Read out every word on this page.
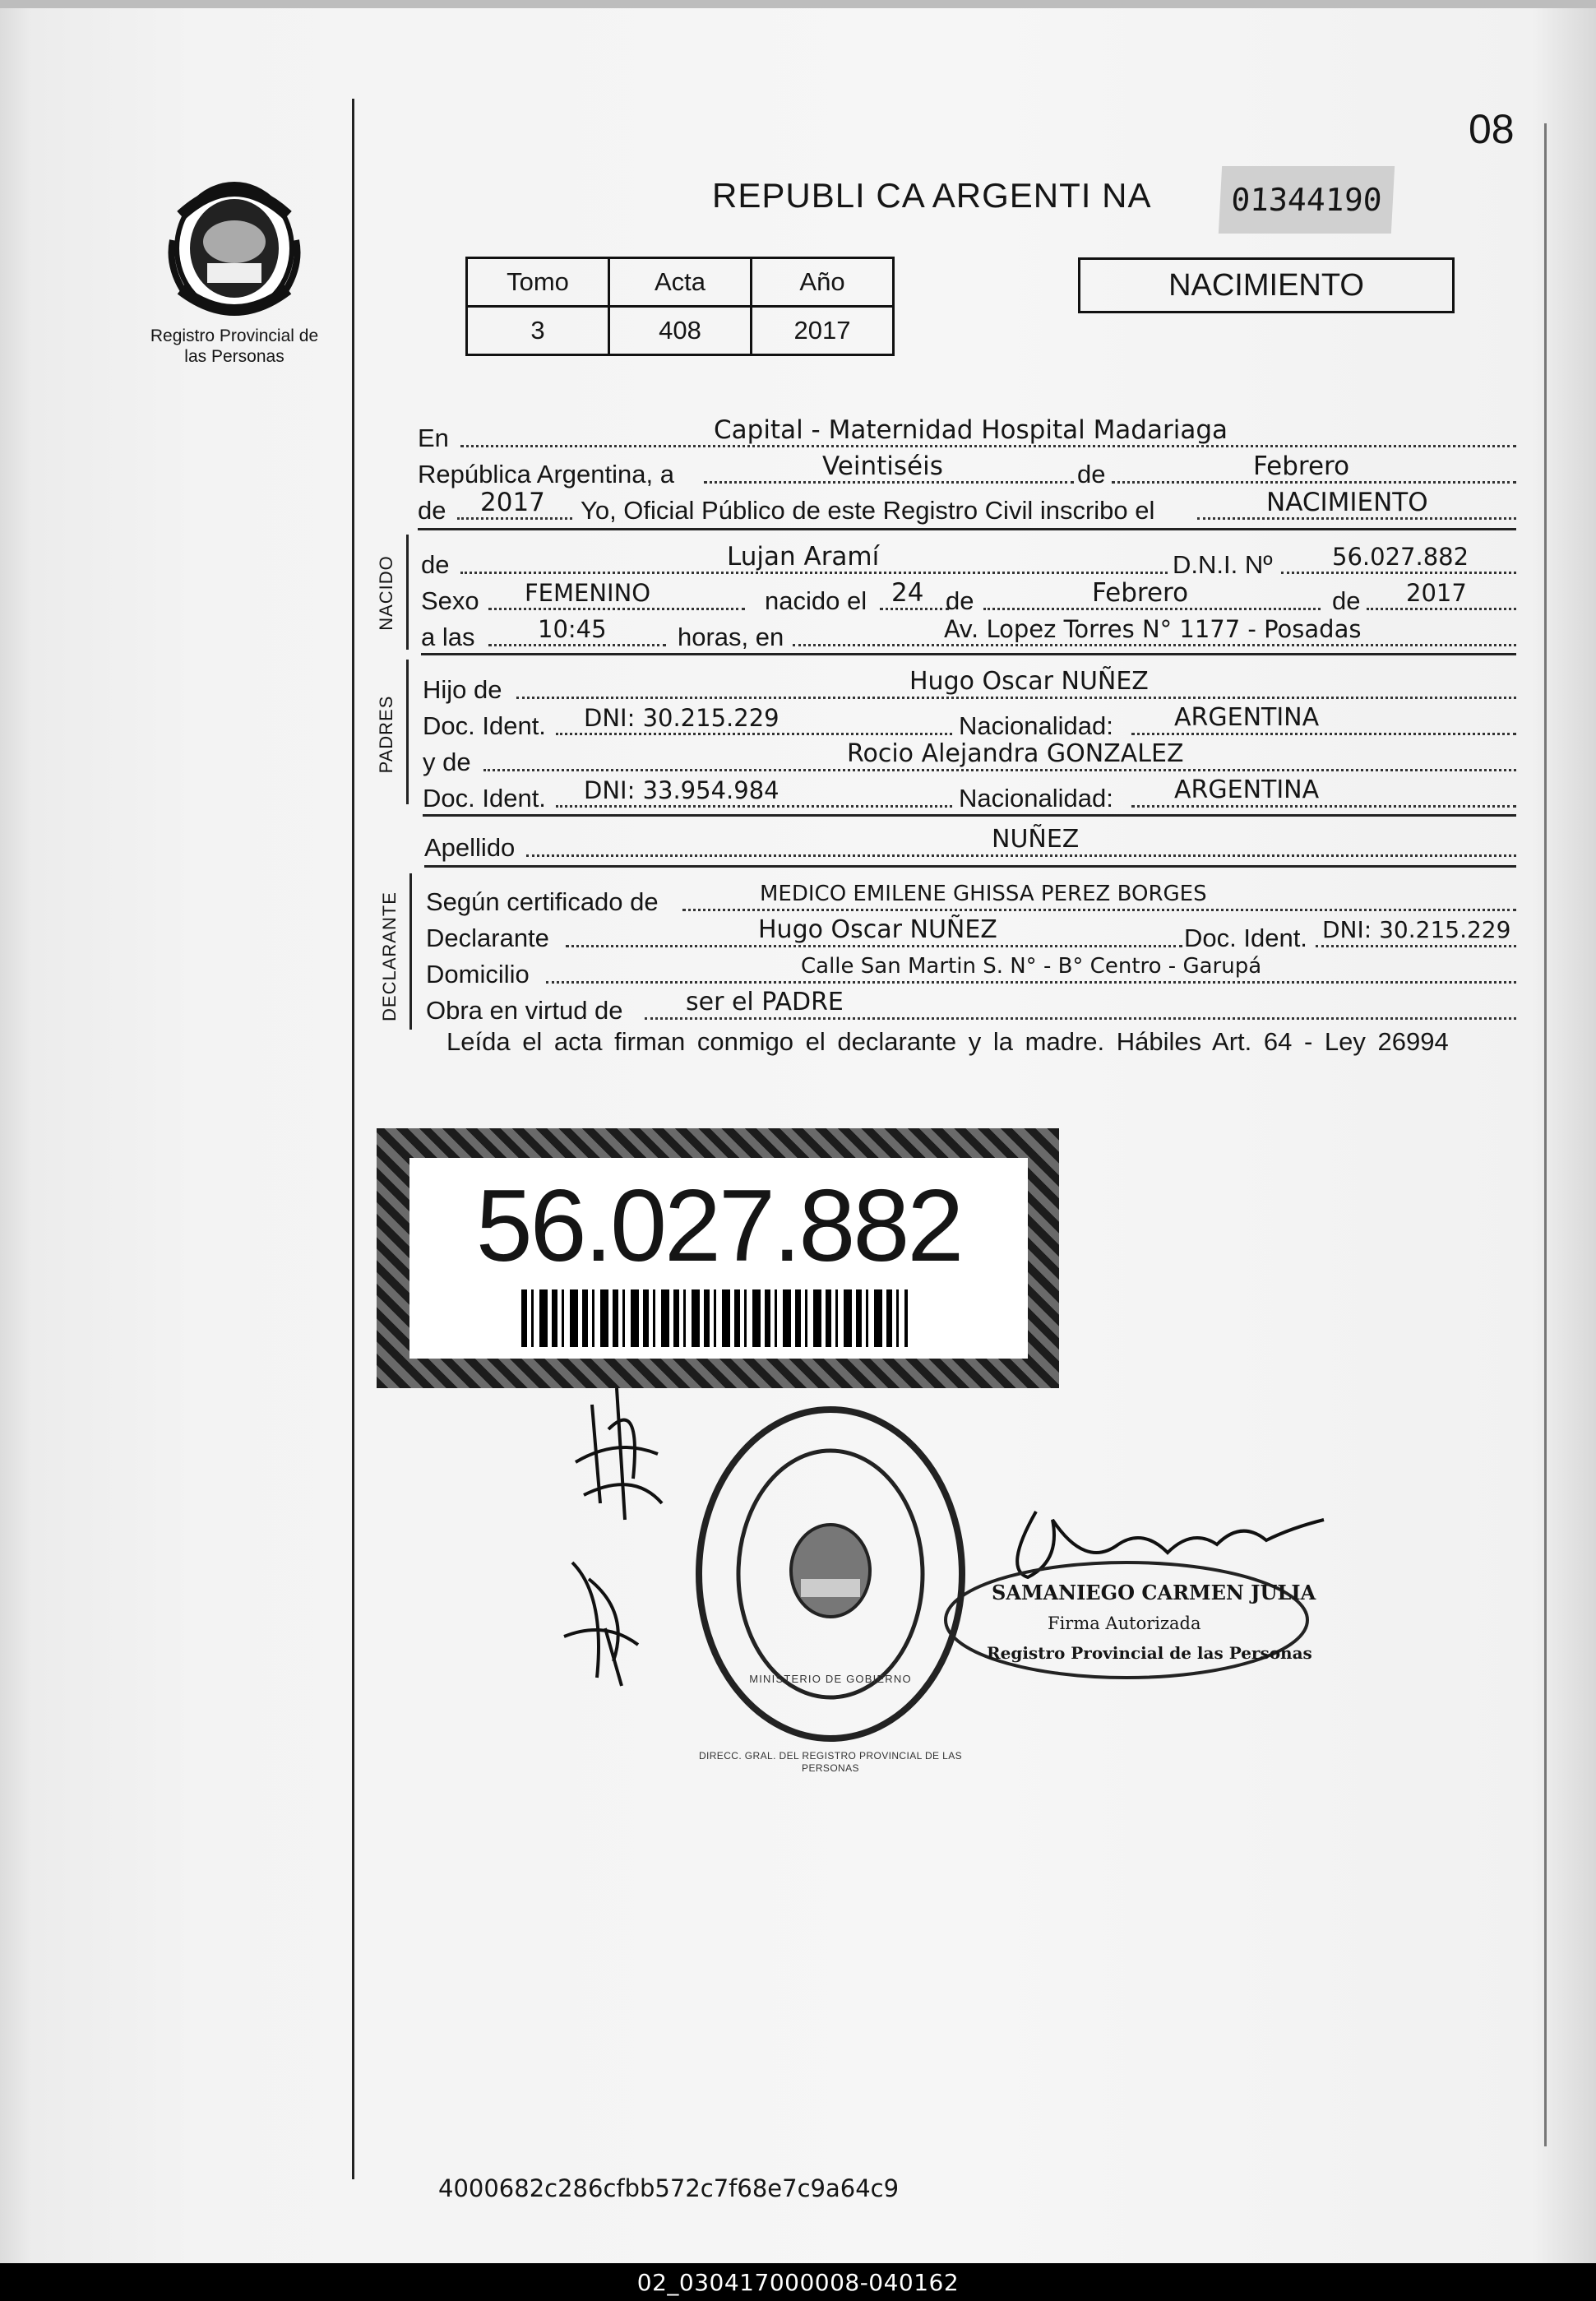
Registro Provincial de las Personas
08
REPUBLI CA ARGENTI NA	01344190
Tomo	Acta	Año
3	408	2017
NACIMIENTO
En	Capital - Maternidad Hospital Madariaga
República Argentina, a	Veintiséis	de	Febrero
de 2017 Yo, Oficial Público de este Registro Civil inscribo el	NACIMIENTO
NACIDO de	Lujan Aramí	D.N.I. Nº 56.027.882
Sexo FEMENINO	nacido el 24 de	Febrero	de 2017
a las	10:45	horas, en	Av. Lopez Torres N° 1177 - Posadas
PADRES
Hijo de	Hugo Oscar NUÑEZ
Doc. Ident. DNI: 30.215.229	Nacionalidad: ARGENTINA
y de	Rocio Alejandra GONZALEZ
Doc. Ident. DNI: 33.954.984	Nacionalidad: ARGENTINA
Apellido	NUÑEZ
DECLARANTE Según certificado de	MEDICO EMILENE GHISSA PEREZ BORGES
Declarante	Hugo Oscar NUÑEZ	Doc. Ident. DNI: 30.215.229
Domicilio	Calle San Martin S. N° - B° Centro - Garupá
Obra en virtud de	ser el PADRE
Leída el acta firman conmigo el declarante y la madre. Hábiles Art. 64 - Ley 26994
56.027.882
DIRECC. GRAL. DEL REGISTRO PROVINCIAL DE LAS PERSONAS
MINISTERIO DE GOBIERNO
SAMANIEGO CARMEN JULIA
Firma Autorizada
Registro Provincial de las Personas
4000682c286cfbb572c7f68e7c9a64c9
02_030417000008-040162
